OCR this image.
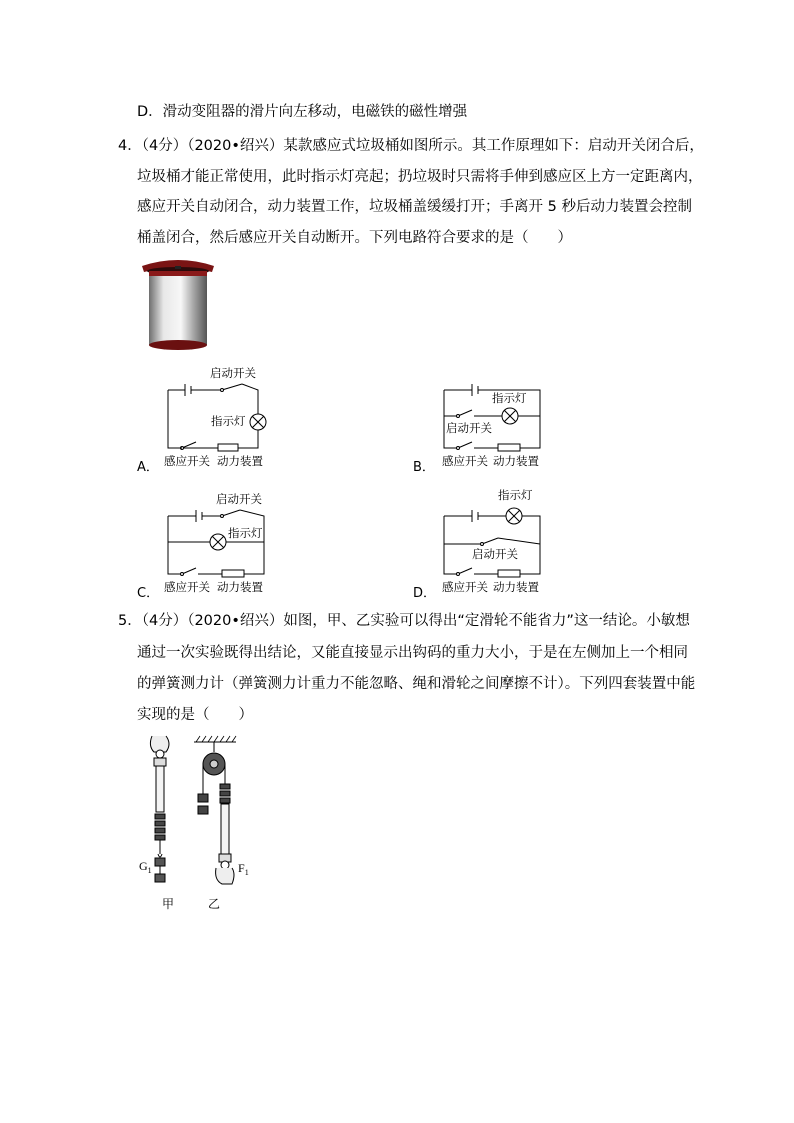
D．滑动变阻器的滑片向左移动，电磁铁的磁性增强
4．（4分）（2020•绍兴）某款感应式垃圾桶如图所示。其工作原理如下：启动开关闭合后，
垃圾桶才能正常使用，此时指示灯亮起；扔垃圾时只需将手伸到感应区上方一定距离内，
感应开关自动闭合，动力装置工作，垃圾桶盖缓缓打开；手离开 5 秒后动力装置会控制
桶盖闭合，然后感应开关自动断开。下列电路符合要求的是（　　）
A．
启动开关
指示灯
感应开关 动力装置	B．
指示灯
启动开关
感应开关 动力装置
C．
启动开关
指示灯
感应开关 动力装置	D．
指示灯
启动开关
感应开关 动力装置
5．（4分）（2020•绍兴）如图，甲、乙实验可以得出“定滑轮不能省力”这一结论。小敏想
通过一次实验既得出结论，又能直接显示出钩码的重力大小，于是在左侧加上一个相同
的弹簧测力计（弹簧测力计重力不能忽略、绳和滑轮之间摩擦不计）。下列四套装置中能
实现的是（　　）
$G_1$
甲
$F_1$
乙
